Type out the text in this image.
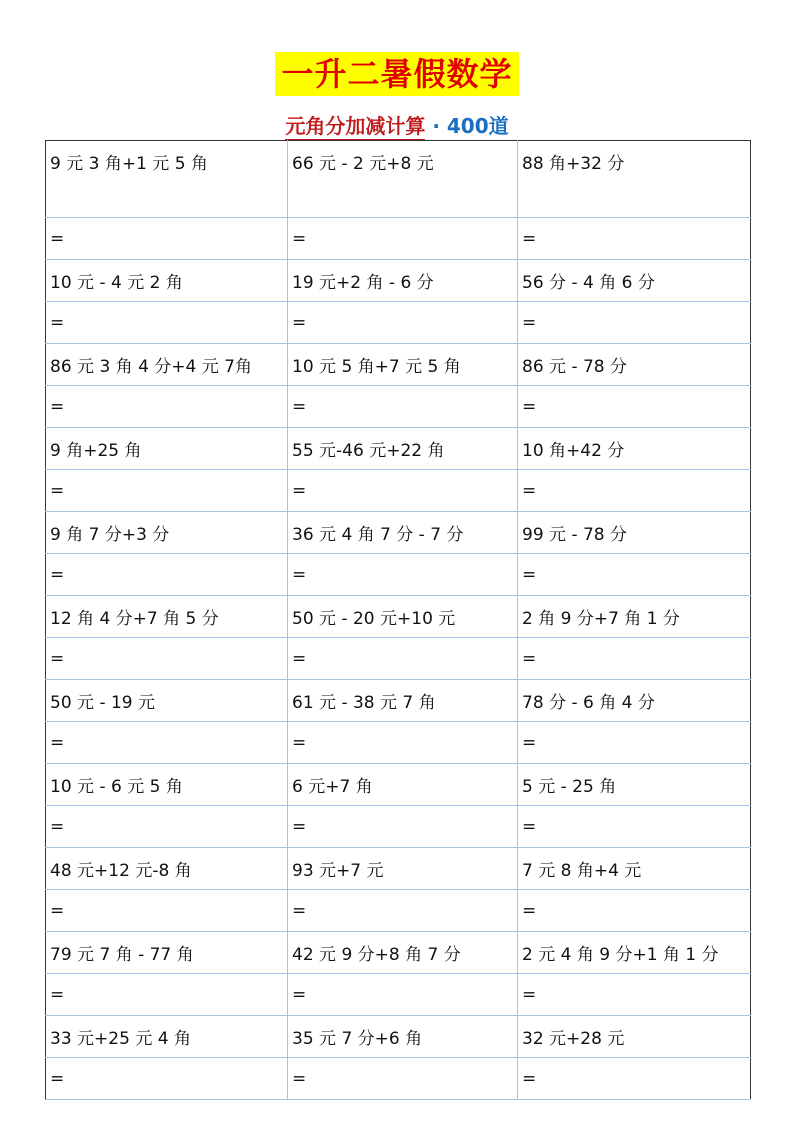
一升二暑假数学
元角分加减计算 · 400道
9 元 3 角+1 元 5 角	66 元 - 2 元+8 元	88 角+32 分
=	=	=
10 元 - 4 元 2 角	19 元+2 角 - 6 分	56 分 - 4 角 6 分
=	=	=
86 元 3 角 4 分+4 元 7角	10 元 5 角+7 元 5 角	86 元 - 78 分
=	=	=
9 角+25 角	55 元-46 元+22 角	10 角+42 分
=	=	=
9 角 7 分+3 分	36 元 4 角 7 分 - 7 分	99 元 - 78 分
=	=	=
12 角 4 分+7 角 5 分	50 元 - 20 元+10 元	2 角 9 分+7 角 1 分
=	=	=
50 元 - 19 元	61 元 - 38 元 7 角	78 分 - 6 角 4 分
=	=	=
10 元 - 6 元 5 角	6 元+7 角	5 元 - 25 角
=	=	=
48 元+12 元-8 角	93 元+7 元	7 元 8 角+4 元
=	=	=
79 元 7 角 - 77 角	42 元 9 分+8 角 7 分	2 元 4 角 9 分+1 角 1 分
=	=	=
33 元+25 元 4 角	35 元 7 分+6 角	32 元+28 元
=	=	=
